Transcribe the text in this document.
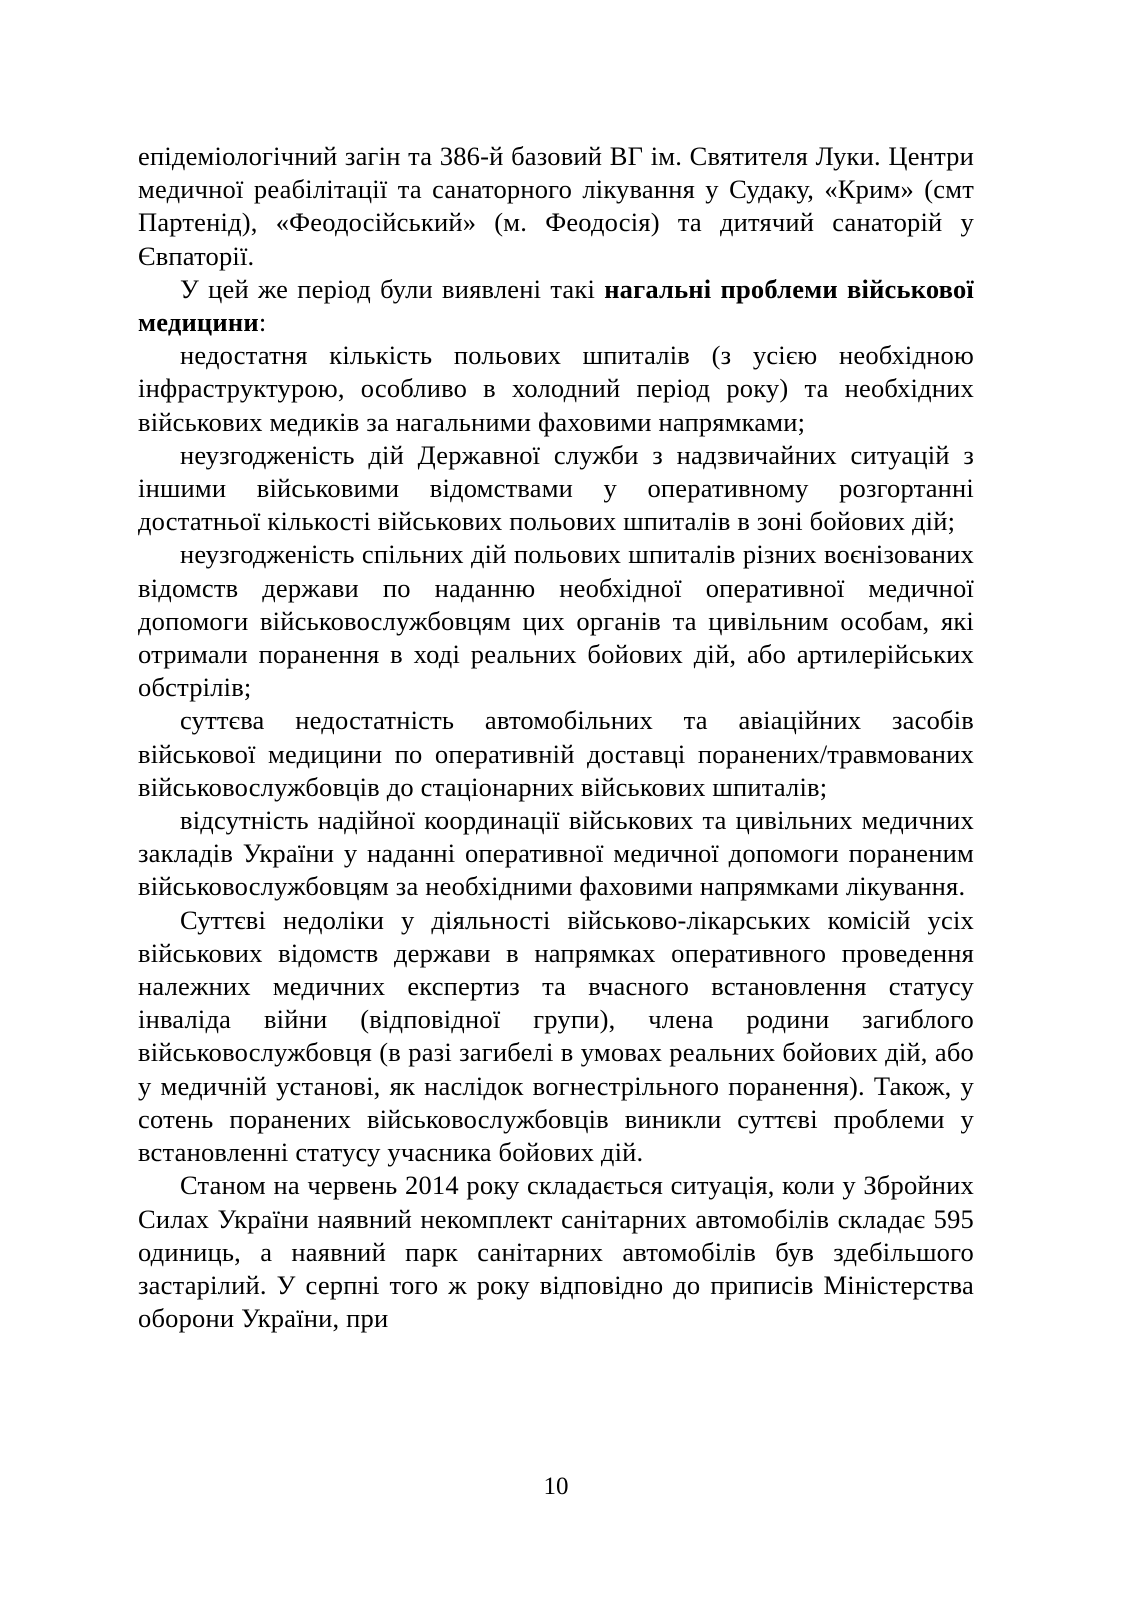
епідеміологічний загін та 386-й базовий ВГ ім. Святителя Луки. Центри медичної реабілітації та санаторного лікування у Судаку, «Крим» (смт Партенід), «Феодосійський» (м. Феодосія) та дитячий санаторій у Євпаторії.

У цей же період були виявлені такі нагальні проблеми військової медицини:

недостатня кількість польових шпиталів (з усією необхідною інфраструктурою, особливо в холодний період року) та необхідних військових медиків за нагальними фаховими напрямками;

неузгодженість дій Державної служби з надзвичайних ситуацій з іншими військовими відомствами у оперативному розгортанні достатньої кількості військових польових шпиталів в зоні бойових дій;

неузгодженість спільних дій польових шпиталів різних воєнізованих відомств держави по наданню необхідної оперативної медичної допомоги військовослужбовцям цих органів та цивільним особам, які отримали поранення в ході реальних бойових дій, або артилерійських обстрілів;

суттєва недостатність автомобільних та авіаційних засобів військової медицини по оперативній доставці поранених/травмованих військовослужбовців до стаціонарних військових шпиталів;

відсутність надійної координації військових та цивільних медичних закладів України у наданні оперативної медичної допомоги пораненим військовослужбовцям за необхідними фаховими напрямками лікування.

Суттєві недоліки у діяльності військово-лікарських комісій усіх військових відомств держави в напрямках оперативного проведення належних медичних експертиз та вчасного встановлення статусу інваліда війни (відповідної групи), члена родини загиблого військовослужбовця (в разі загибелі в умовах реальних бойових дій, або у медичній установі, як наслідок вогнестрільного поранення). Також, у сотень поранених військовослужбовців виникли суттєві проблеми у встановленні статусу учасника бойових дій.

Станом на червень 2014 року складається ситуація, коли у Збройних Силах України наявний некомплект санітарних автомобілів складає 595 одиниць, а наявний парк санітарних автомобілів був здебільшого застарілий. У серпні того ж року відповідно до приписів Міністерства оборони України, при

10
